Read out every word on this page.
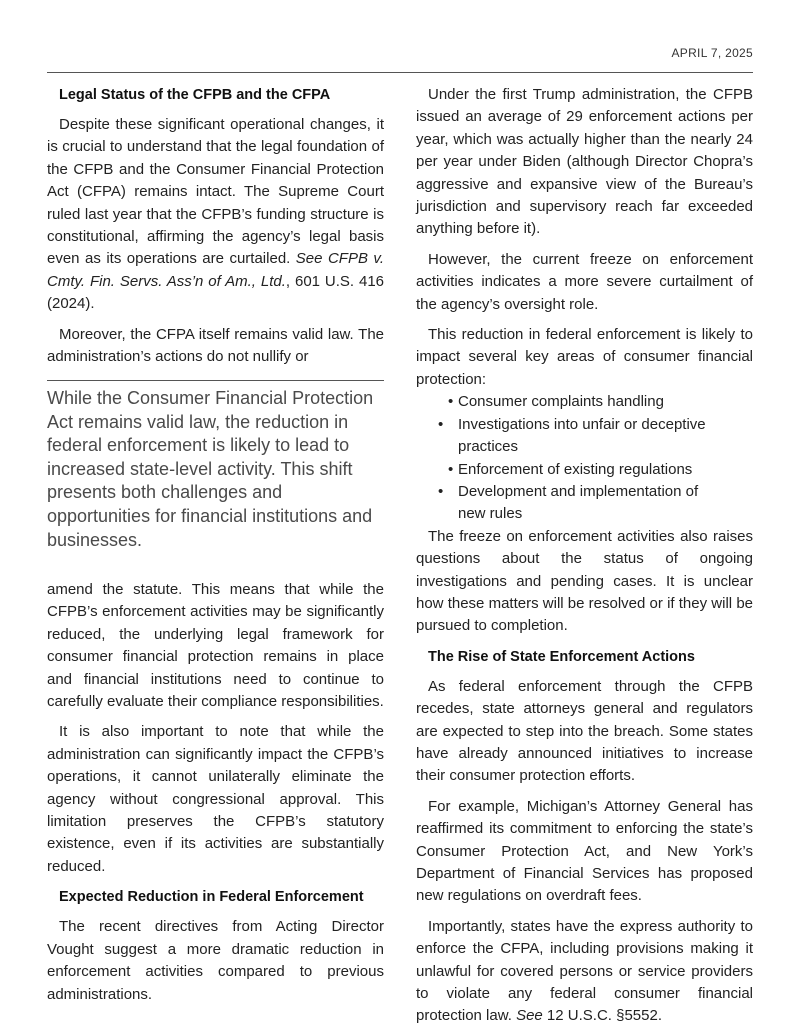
APRIL 7, 2025
Legal Status of the CFPB and the CFPA

Despite these significant operational changes, it is crucial to understand that the legal foundation of the CFPB and the Consumer Financial Protection Act (CFPA) remains intact. The Supreme Court ruled last year that the CFPB’s funding structure is constitutional, affirming the agency’s legal basis even as its operations are curtailed. See CFPB v. Cmty. Fin. Servs. Ass’n of Am., Ltd., 601 U.S. 416 (2024).

Moreover, the CFPA itself remains valid law. The administration’s actions do not nullify or

While the Consumer Financial Protection Act remains valid law, the reduction in federal enforcement is likely to lead to increased state-level activity. This shift presents both challenges and opportunities for financial institutions and businesses.

amend the statute. This means that while the CFPB’s enforcement activities may be significantly reduced, the underlying legal framework for consumer financial protection remains in place and financial institutions need to continue to carefully evaluate their compliance responsibilities.

It is also important to note that while the administration can significantly impact the CFPB’s operations, it cannot unilaterally eliminate the agency without congressional approval. This limitation preserves the CFPB’s statutory existence, even if its activities are substantially reduced.

Expected Reduction in Federal Enforcement

The recent directives from Acting Director Vought suggest a more dramatic reduction in enforcement activities compared to previous administrations.

Under the first Trump administration, the CFPB issued an average of 29 enforcement actions per year, which was actually higher than the nearly 24 per year under Biden (although Director Chopra’s aggressive and expansive view of the Bureau’s jurisdiction and supervisory reach far exceeded anything before it).

However, the current freeze on enforcement activities indicates a more severe curtailment of the agency’s oversight role.

This reduction in federal enforcement is likely to impact several key areas of consumer financial protection:

• Consumer complaints handling
• Investigations into unfair or deceptive practices
• Enforcement of existing regulations
• Development and implementation of new rules

The freeze on enforcement activities also raises questions about the status of ongoing investigations and pending cases. It is unclear how these matters will be resolved or if they will be pursued to completion.

The Rise of State Enforcement Actions

As federal enforcement through the CFPB recedes, state attorneys general and regulators are expected to step into the breach. Some states have already announced initiatives to increase their consumer protection efforts.

For example, Michigan’s Attorney General has reaffirmed its commitment to enforcing the state’s Consumer Protection Act, and New York’s Department of Financial Services has proposed new regulations on overdraft fees.

Importantly, states have the express authority to enforce the CFPA, including provisions making it unlawful for covered persons or service providers to violate any federal consumer financial protection law. See 12 U.S.C. §5552.
